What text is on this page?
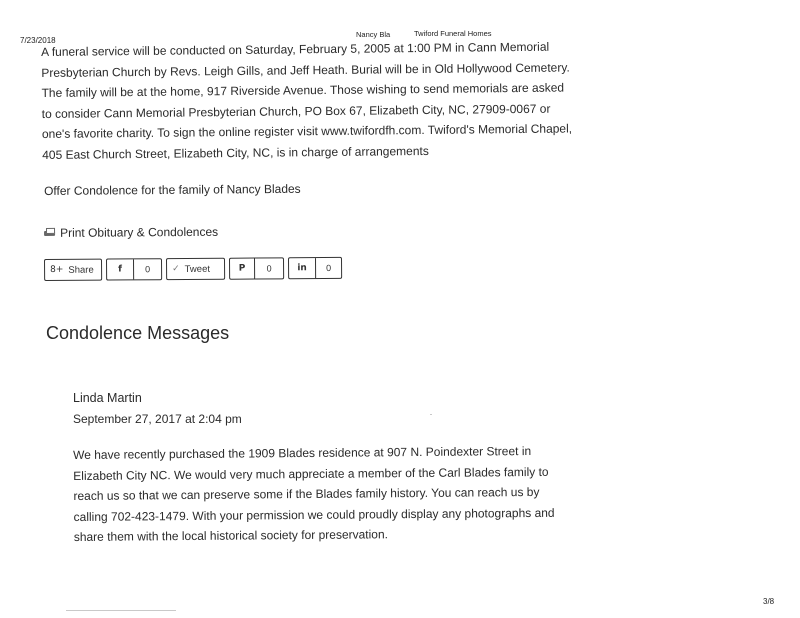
7/23/2018
Nancy Bla	Twiford Funeral Homes

A funeral service will be conducted on Saturday, February 5, 2005 at 1:00 PM in Cann Memorial Presbyterian Church by Revs. Leigh Gills, and Jeff Heath. Burial will be in Old Hollywood Cemetery. The family will be at the home, 917 Riverside Avenue. Those wishing to send memorials are asked to consider Cann Memorial Presbyterian Church, PO Box 67, Elizabeth City, NC, 27909-0067 or one's favorite charity. To sign the online register visit www.twifordfh.com. Twiford's Memorial Chapel, 405 East Church Street, Elizabeth City, NC, is in charge of arrangements

Offer Condolence for the family of Nancy Blades
Print Obituary & Condolences
8+ Share	f	0	✓ Tweet	P	0	in	0
Condolence Messages
Linda Martin
September 27, 2017 at 2:04 pm

We have recently purchased the 1909 Blades residence at 907 N. Poindexter Street in Elizabeth City NC. We would very much appreciate a member of the Carl Blades family to reach us so that we can preserve some if the Blades family history. You can reach us by calling 702-423-1479. With your permission we could proudly display any photographs and share them with the local historical society for preservation.

3/8
